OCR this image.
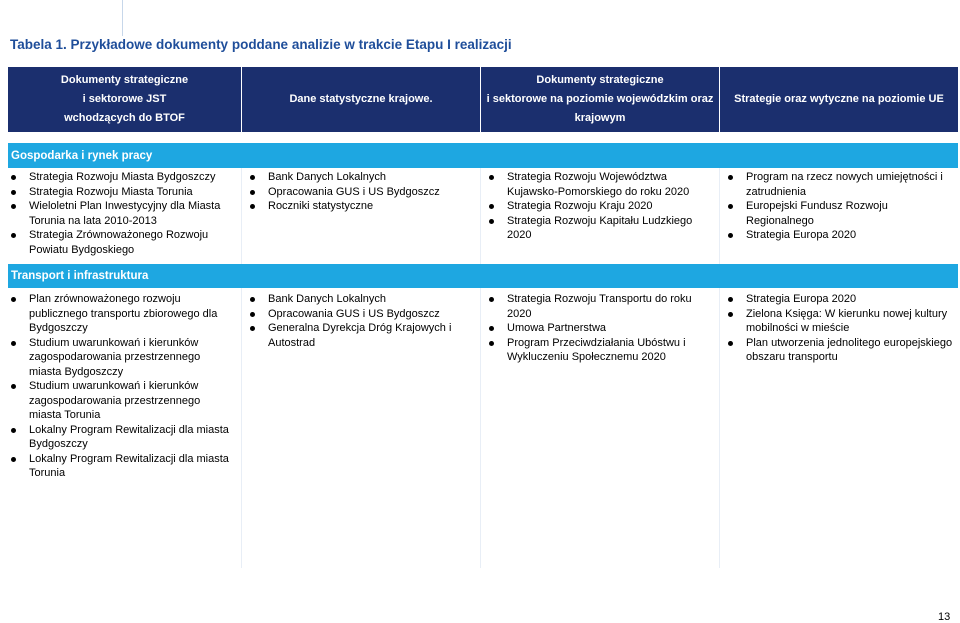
Tabela 1. Przykładowe dokumenty poddane analizie w trakcie Etapu I realizacji
Dokumenty strategiczne
i sektorowe JST
wchodzących do BTOF
Dane statystyczne krajowe.
Dokumenty strategiczne
i sektorowe na poziomie wojewódzkim oraz
krajowym
Strategie oraz wytyczne na poziomie UE
Gospodarka i rynek pracy

Strategia Rozwoju Miasta Bydgoszczy

Strategia Rozwoju Miasta Torunia

Wieloletni Plan Inwestycyjny dla Miasta Torunia na lata 2010-2013

Strategia Zrównoważonego Rozwoju Powiatu Bydgoskiego

Bank Danych Lokalnych

Opracowania GUS i US Bydgoszcz

Roczniki statystyczne

Strategia Rozwoju Województwa Kujawsko-Pomorskiego do roku 2020

Strategia Rozwoju Kraju 2020

Strategia Rozwoju Kapitału Ludzkiego 2020

Program na rzecz nowych umiejętności i zatrudnienia

Europejski Fundusz Rozwoju Regionalnego

Strategia Europa 2020

Transport i infrastruktura

Plan zrównoważonego rozwoju publicznego transportu zbiorowego dla Bydgoszczy

Studium uwarunkowań i kierunków zagospodarowania przestrzennego miasta Bydgoszczy

Studium uwarunkowań i kierunków zagospodarowania przestrzennego miasta Torunia

Lokalny Program Rewitalizacji dla miasta Bydgoszczy

Lokalny Program Rewitalizacji dla miasta Torunia

Bank Danych Lokalnych

Opracowania GUS i US Bydgoszcz

Generalna Dyrekcja Dróg Krajowych i Autostrad

Strategia Rozwoju Transportu do roku 2020

Umowa Partnerstwa

Program Przeciwdziałania Ubóstwu i Wykluczeniu Społecznemu 2020

Strategia Europa 2020

Zielona Księga: W kierunku nowej kultury mobilności w mieście

Plan utworzenia jednolitego europejskiego obszaru transportu

13
